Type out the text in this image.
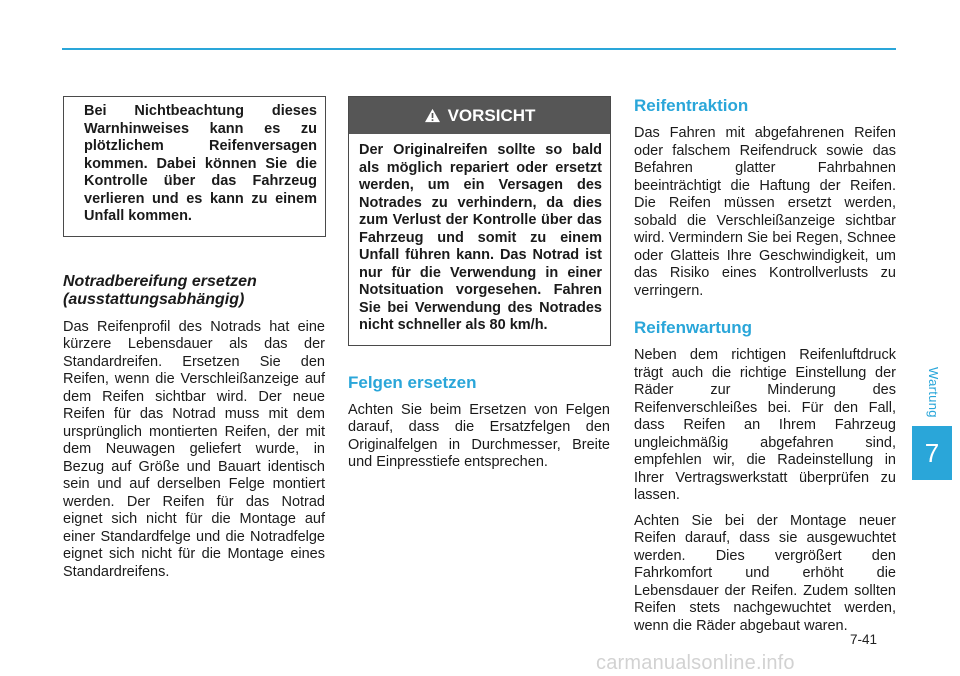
Bei Nichtbeachtung dieses Warnhinweises kann es zu plötzlichem Reifenversagen kommen. Dabei können Sie die Kontrolle über das Fahrzeug verlieren und es kann zu einem Unfall kommen.

Notradbereifung ersetzen
(ausstattungsabhängig)

Das Reifenprofil des Notrads hat eine kürzere Lebensdauer als das der Standardreifen. Ersetzen Sie den Reifen, wenn die Verschleißanzeige auf dem Reifen sichtbar wird. Der neue Reifen für das Notrad muss mit dem ursprünglich montierten Reifen, der mit dem Neuwagen geliefert wurde, in Bezug auf Größe und Bauart identisch sein und auf derselben Felge montiert werden. Der Reifen für das Notrad eignet sich nicht für die Montage auf einer Standardfelge und die Notradfelge eignet sich nicht für die Montage eines Standardreifens.

VORSICHT

Der Originalreifen sollte so bald als möglich repariert oder ersetzt werden, um ein Versagen des Notrades zu verhindern, da dies zum Verlust der Kontrolle über das Fahrzeug und somit zu einem Unfall führen kann. Das Notrad ist nur für die Verwendung in einer Notsituation vorgesehen. Fahren Sie bei Verwendung des Notrades nicht schneller als 80 km/h.

Felgen ersetzen

Achten Sie beim Ersetzen von Felgen darauf, dass die Ersatzfelgen den Originalfelgen in Durchmesser, Breite und Einpresstiefe entsprechen.

Reifentraktion

Das Fahren mit abgefahrenen Reifen oder falschem Reifendruck sowie das Befahren glatter Fahrbahnen beeinträchtigt die Haftung der Reifen. Die Reifen müssen ersetzt werden, sobald die Verschleißanzeige sichtbar wird. Vermindern Sie bei Regen, Schnee oder Glatteis Ihre Geschwindigkeit, um das Risiko eines Kontrollverlusts zu verringern.

Reifenwartung

Neben dem richtigen Reifenluftdruck trägt auch die richtige Einstellung der Räder zur Minderung des Reifenverschleißes bei. Für den Fall, dass Reifen an Ihrem Fahrzeug ungleichmäßig abgefahren sind, empfehlen wir, die Radeinstellung in Ihrer Vertragswerkstatt überprüfen zu lassen.

Achten Sie bei der Montage neuer Reifen darauf, dass sie ausgewuchtet werden. Dies vergrößert den Fahrkomfort und erhöht die Lebensdauer der Reifen. Zudem sollten Reifen stets nachgewuchtet werden, wenn die Räder abgebaut waren.

Wartung
7
7-41
carmanualsonline.info
